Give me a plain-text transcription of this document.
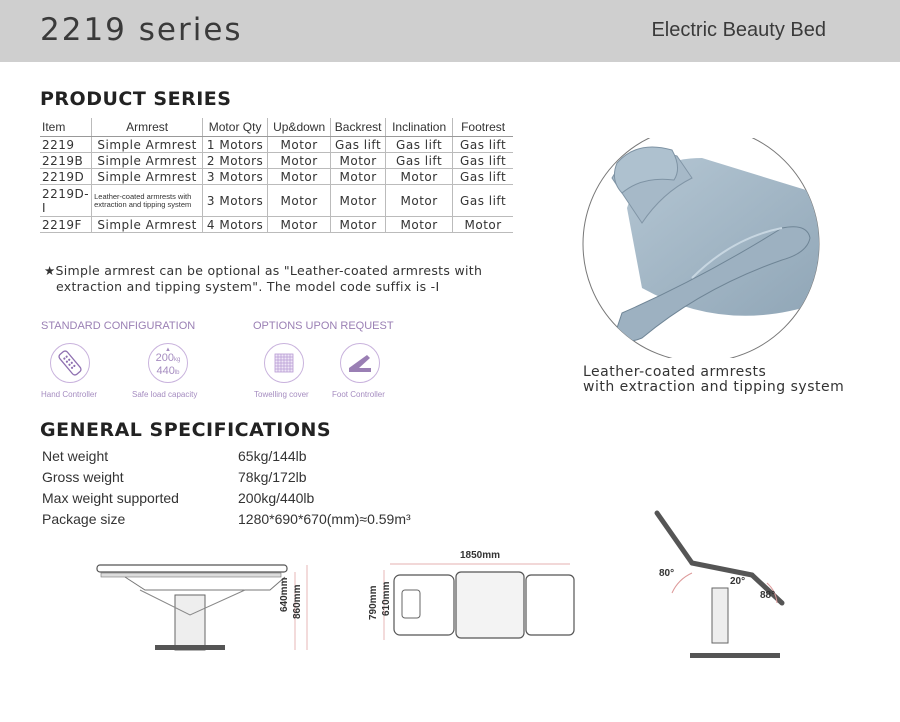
2219 series	Electric Beauty Bed
PRODUCT SERIES
Item	Armrest	Motor Qty	Up&down	Backrest	Inclination	Footrest
2219	Simple Armrest	1 Motors	Motor	Gas lift	Gas lift	Gas lift
2219B	Simple Armrest	2 Motors	Motor	Motor	Gas lift	Gas lift
2219D	Simple Armrest	3 Motors	Motor	Motor	Motor	Gas lift
2219D-I	Leather-coated armrests with extraction and tipping system	3 Motors	Motor	Motor	Motor	Gas lift
2219F	Simple Armrest	4 Motors	Motor	Motor	Motor	Motor
★Simple armrest can be optional as "Leather-coated armrests with
extraction and tipping system". The model code suffix is -I
STANDARD CONFIGURATION	OPTIONS UPON REQUEST
Hand Controller
▲
200kg
440lb
Safe load capacity	Towelling cover	Foot Controller
GENERAL SPECIFICATIONS
Net weight	65kg/144lb
Gross weight	78kg/172lb
Max weight supported	200kg/440lb
Package size	1280*690*670(mm)≈0.59m³
Leather-coated armrests
with extraction and tipping system
640mm 860mm
1850mm
790mm 610mm
80°
20°
88°
